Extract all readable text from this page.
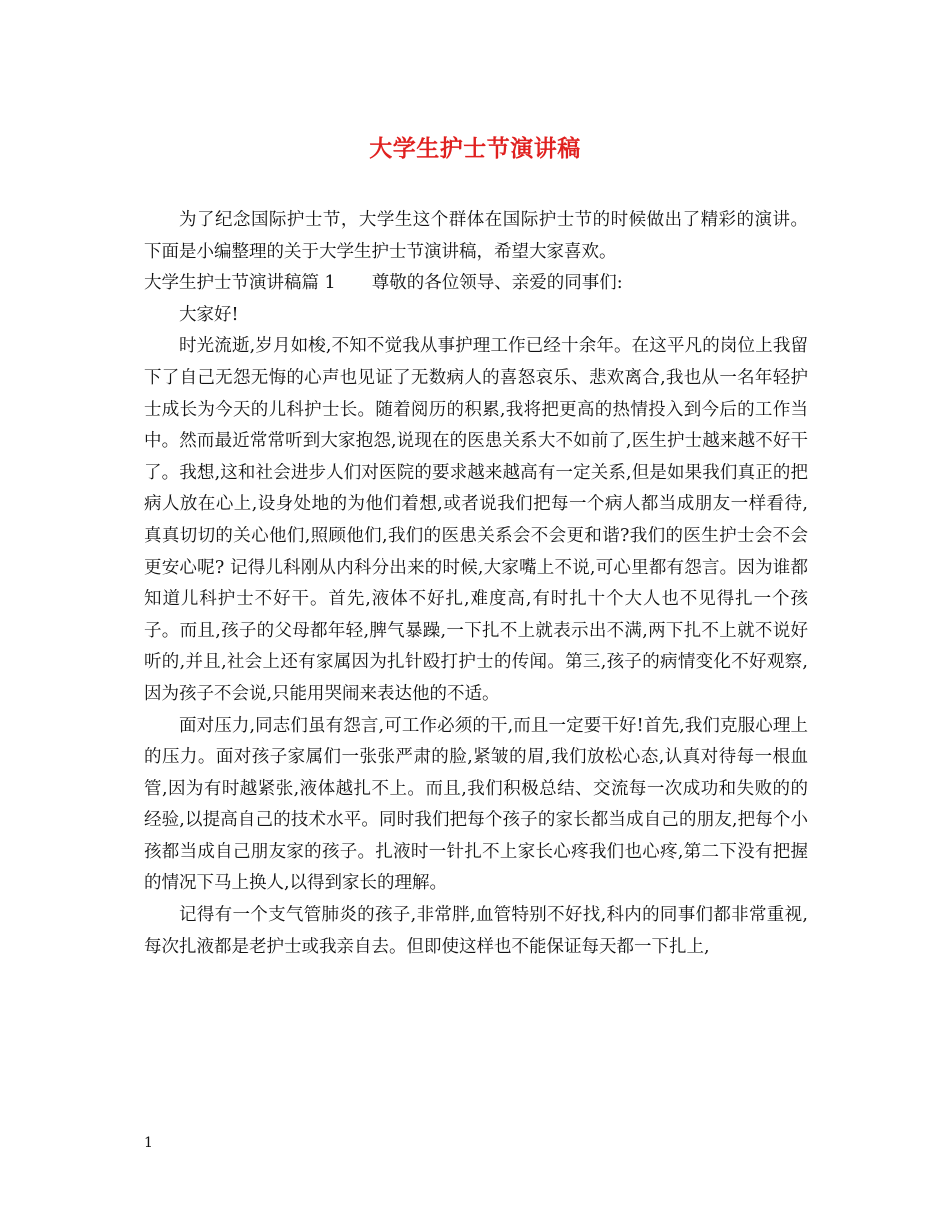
大学生护士节演讲稿

为了纪念国际护士节，大学生这个群体在国际护士节的时候做出了精彩的演讲。下面是小编整理的关于大学生护士节演讲稿，希望大家喜欢。

大学生护士节演讲稿篇 1 尊敬的各位领导、亲爱的同事们:

大家好!

时光流逝,岁月如梭,不知不觉我从事护理工作已经十余年。在这平凡的岗位上我留下了自己无怨无悔的心声也见证了无数病人的喜怒哀乐、悲欢离合,我也从一名年轻护士成长为今天的儿科护士长。随着阅历的积累,我将把更高的热情投入到今后的工作当中。然而最近常常听到大家抱怨,说现在的医患关系大不如前了,医生护士越来越不好干了。我想,这和社会进步人们对医院的要求越来越高有一定关系,但是如果我们真正的把病人放在心上,设身处地的为他们着想,或者说我们把每一个病人都当成朋友一样看待,真真切切的关心他们,照顾他们,我们的医患关系会不会更和谐?我们的医生护士会不会更安心呢? 记得儿科刚从内科分出来的时候,大家嘴上不说,可心里都有怨言。因为谁都知道儿科护士不好干。首先,液体不好扎,难度高,有时扎十个大人也不见得扎一个孩子。而且,孩子的父母都年轻,脾气暴躁,一下扎不上就表示出不满,两下扎不上就不说好听的,并且,社会上还有家属因为扎针殴打护士的传闻。第三,孩子的病情变化不好观察,因为孩子不会说,只能用哭闹来表达他的不适。

面对压力,同志们虽有怨言,可工作必须的干,而且一定要干好!首先,我们克服心理上的压力。面对孩子家属们一张张严肃的脸,紧皱的眉,我们放松心态,认真对待每一根血管,因为有时越紧张,液体越扎不上。而且,我们积极总结、交流每一次成功和失败的的经验,以提高自己的技术水平。同时我们把每个孩子的家长都当成自己的朋友,把每个小孩都当成自己朋友家的孩子。扎液时一针扎不上家长心疼我们也心疼,第二下没有把握的情况下马上换人,以得到家长的理解。

记得有一个支气管肺炎的孩子,非常胖,血管特别不好找,科内的同事们都非常重视,每次扎液都是老护士或我亲自去。但即使这样也不能保证每天都一下扎上,

1
